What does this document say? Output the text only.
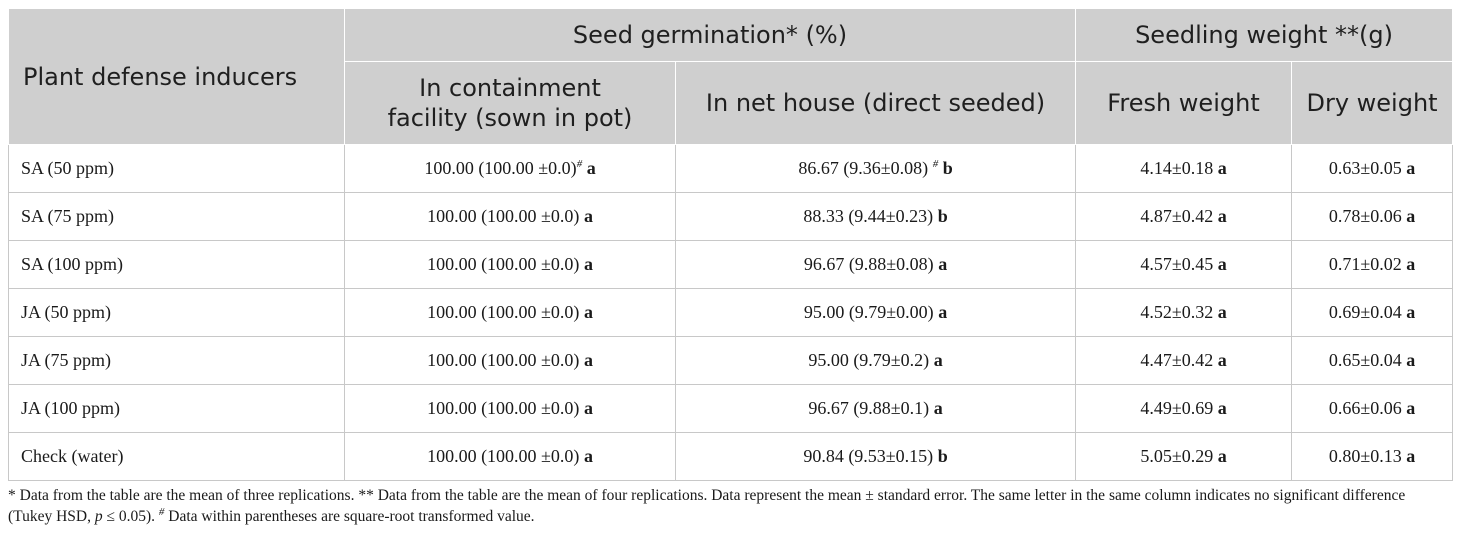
Plant defense inducers	Seed germination* (%)		Seedling weight **(g)	
	In containment facility (sown in pot)	In net house (direct seeded)	Fresh weight	Dry weight
SA (50 ppm)	100.00 (100.00 ±0.0)# a	86.67 (9.36±0.08) # b	4.14±0.18 a	0.63±0.05 a
SA (75 ppm)	100.00 (100.00 ±0.0) a	88.33 (9.44±0.23) b	4.87±0.42 a	0.78±0.06 a
SA (100 ppm)	100.00 (100.00 ±0.0) a	96.67 (9.88±0.08) a	4.57±0.45 a	0.71±0.02 a
JA (50 ppm)	100.00 (100.00 ±0.0) a	95.00 (9.79±0.00) a	4.52±0.32 a	0.69±0.04 a
JA (75 ppm)	100.00 (100.00 ±0.0) a	95.00 (9.79±0.2) a	4.47±0.42 a	0.65±0.04 a
JA (100 ppm)	100.00 (100.00 ±0.0) a	96.67 (9.88±0.1) a	4.49±0.69 a	0.66±0.06 a
Check (water)	100.00 (100.00 ±0.0) a	90.84 (9.53±0.15) b	5.05±0.29 a	0.80±0.13 a
* Data from the table are the mean of three replications. ** Data from the table are the mean of four replications. Data represent the mean ± standard error. The same letter in the same column indicates no significant difference (Tukey HSD, p ≤ 0.05). # Data within parentheses are square-root transformed value.
